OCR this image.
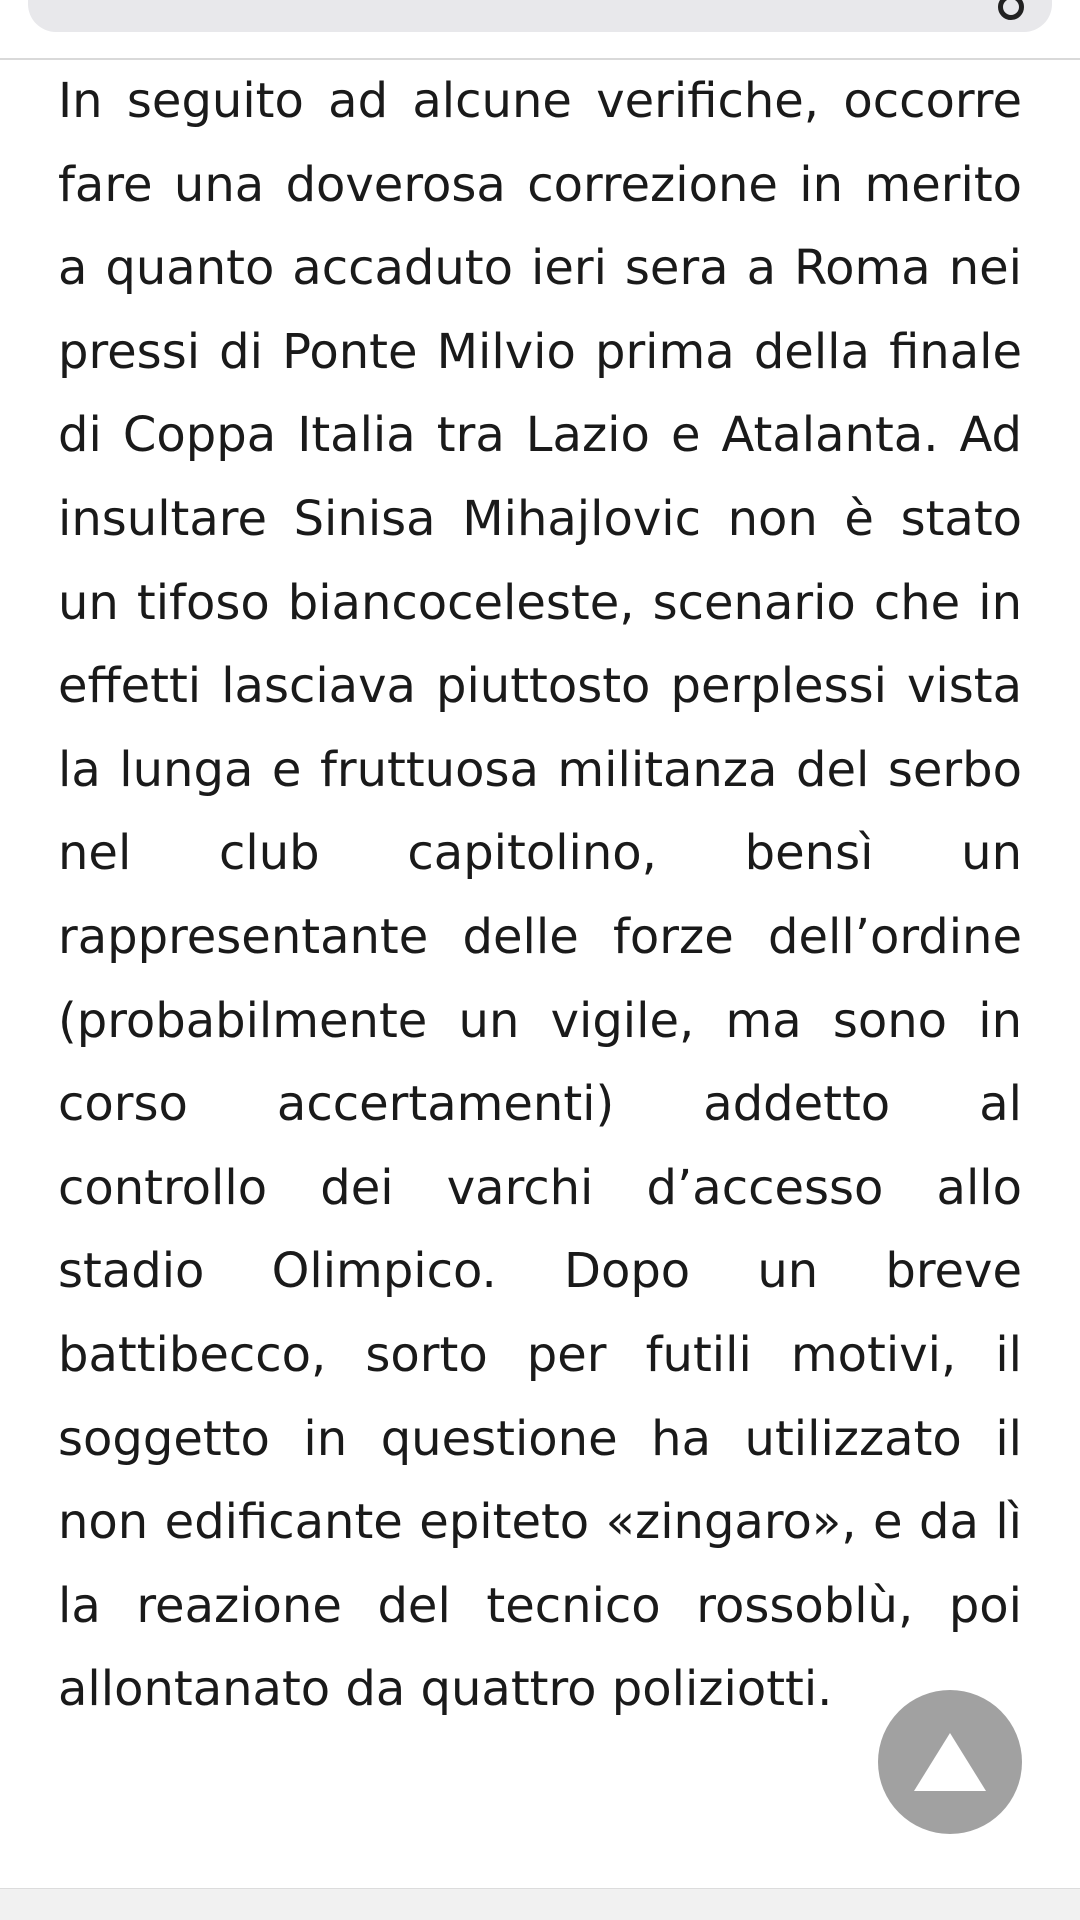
In seguito ad alcune verifiche, occorre fare una doverosa correzione in merito a quanto accaduto ieri sera a Roma nei pressi di Ponte Milvio prima della finale di Coppa Italia tra Lazio e Atalanta. Ad insultare Sinisa Mihajlovic non è stato un tifoso biancoceleste, scenario che in effetti lasciava piuttosto perplessi vista la lunga e fruttuosa militanza del serbo nel club capitolino, bensì un rappresentante delle forze dell’ordine (probabilmente un vigile, ma sono in corso accertamenti) addetto al controllo dei varchi d’accesso allo stadio Olimpico. Dopo un breve battibecco, sorto per futili motivi, il soggetto in questione ha utilizzato il non edificante epiteto «zingaro», e da lì la reazione del tecnico rossoblù, poi allontanato da quattro poliziotti.
